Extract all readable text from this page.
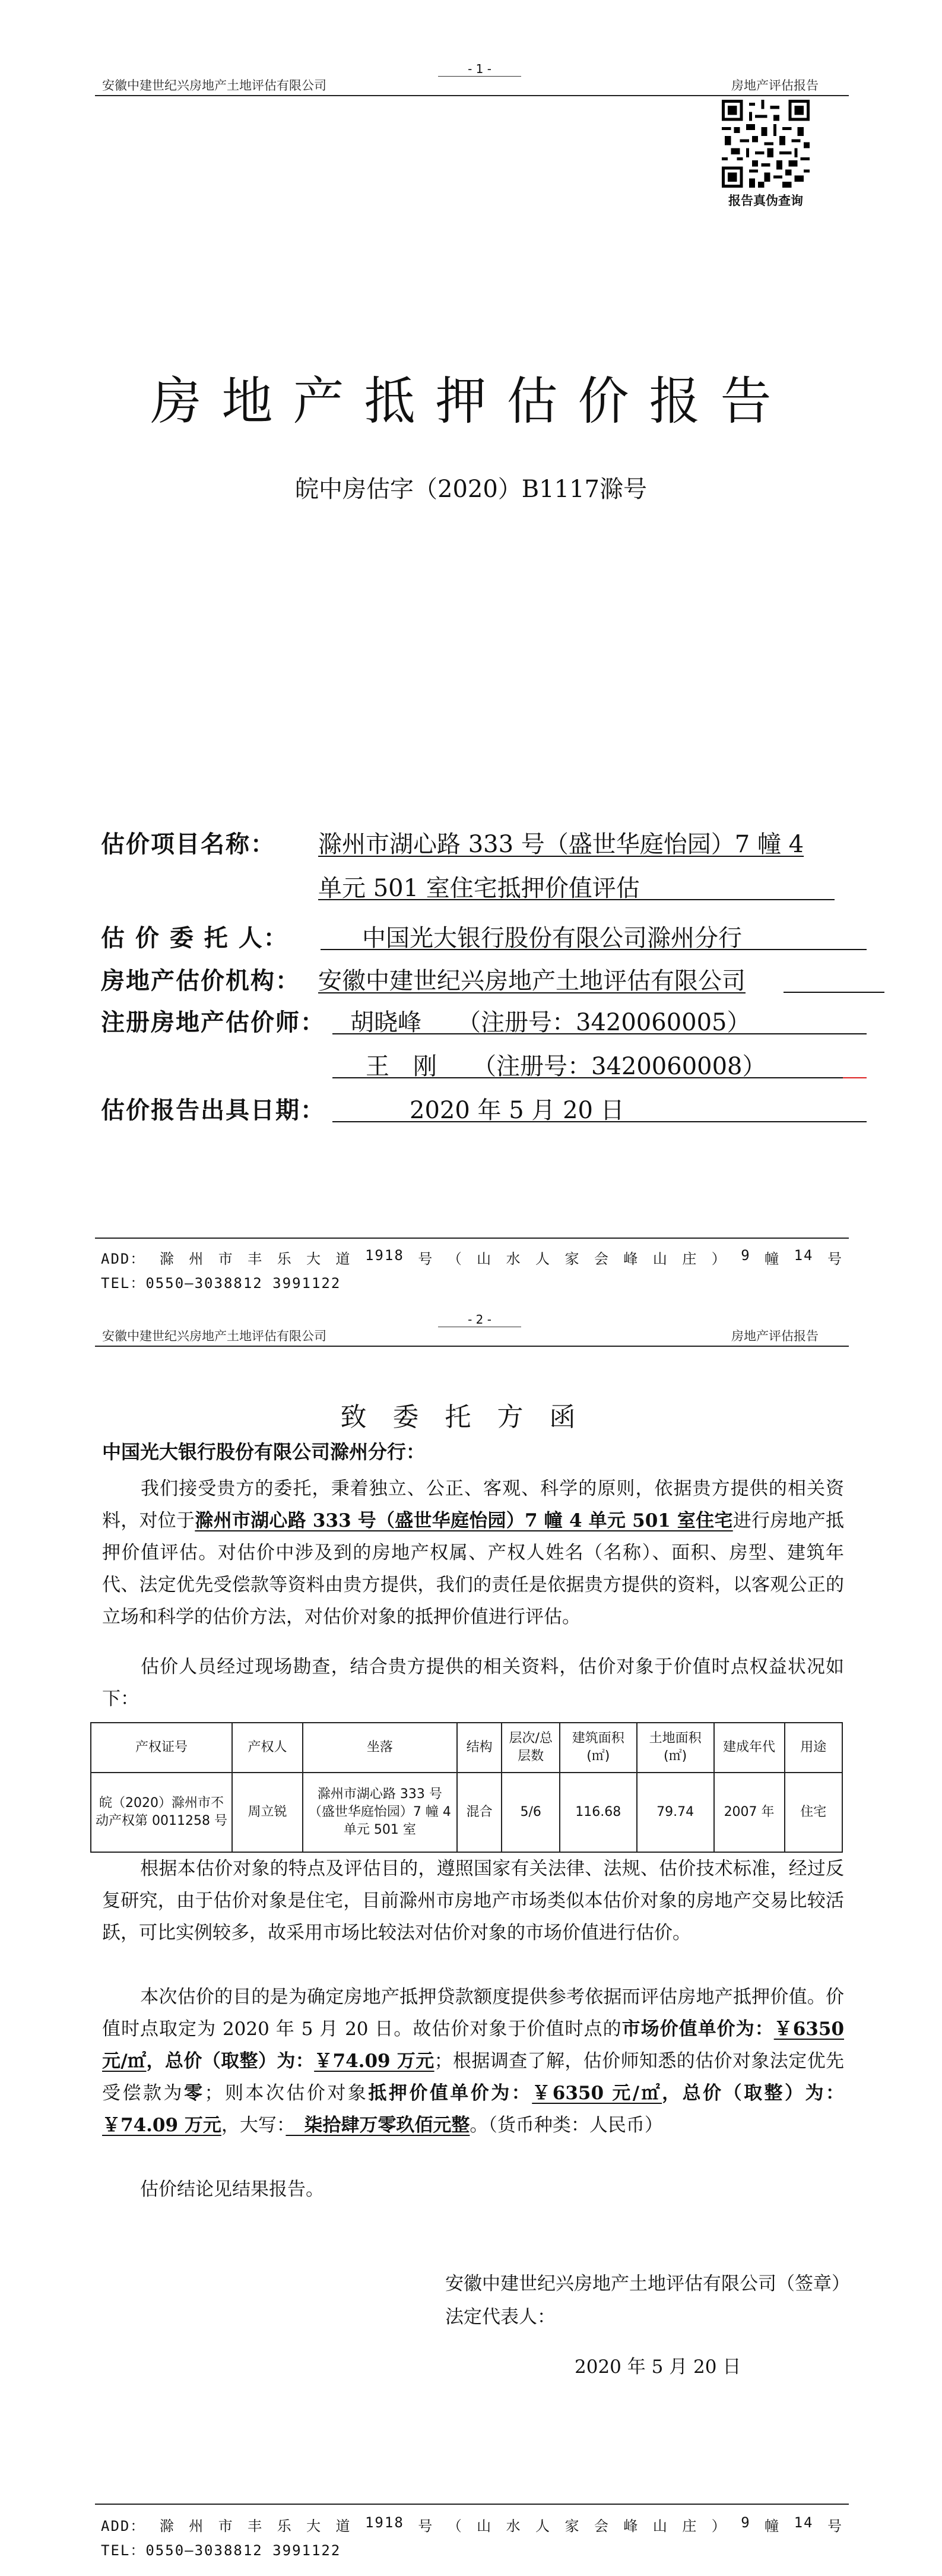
- 1 -
安徽中建世纪兴房地产土地评估有限公司	房地产评估报告
报告真伪查询
房地产抵押估价报告
皖中房估字（2020）B1117滁号
估价项目名称： 滁州市湖心路 333 号（盛世华庭怡园）7 幢 4
单元 501 室住宅抵押价值评估
估 价 委 托 人：	中国光大银行股份有限公司滁州分行
房地产估价机构： 安徽中建世纪兴房地产土地评估有限公司
注册房地产估价师： 胡晓峰　　（注册号：3420060005）
王　刚　　（注册号：3420060008）
估价报告出具日期：	2020 年 5 月 20 日
ADD： 滁 州 市 丰 乐 大 道 1918 号 （ 山 水 人 家 会 峰 山 庄 ） 9 幢 14 号
TEL：0550—3038812 3991122
- 2 -
安徽中建世纪兴房地产土地评估有限公司	房地产评估报告
致委托方函
中国光大银行股份有限公司滁州分行：
我们接受贵方的委托，秉着独立、公正、客观、科学的原则，依据贵方提供的相关资料，对位于滁州市湖心路 333 号（盛世华庭怡园）7 幢 4 单元 501 室住宅进行房地产抵押价值评估。对估价中涉及到的房地产权属、产权人姓名（名称）、面积、房型、建筑年代、法定优先受偿款等资料由贵方提供，我们的责任是依据贵方提供的资料，以客观公正的立场和科学的估价方法，对估价对象的抵押价值进行评估。
估价人员经过现场勘查，结合贵方提供的相关资料，估价对象于价值时点权益状况如下：
产权证号	产权人	坐落	结构	层次/总层数	建筑面积(㎡)	土地面积(㎡)	建成年代	用途
皖（2020）滁州市不动产权第 0011258 号	周立锐	滁州市湖心路 333 号（盛世华庭怡园）7 幢 4 单元 501 室	混合	5/6	116.68	79.74	2007 年	住宅
根据本估价对象的特点及评估目的，遵照国家有关法律、法规、估价技术标准，经过反复研究，由于估价对象是住宅，目前滁州市房地产市场类似本估价对象的房地产交易比较活跃，可比实例较多，故采用市场比较法对估价对象的市场价值进行估价。
本次估价的目的是为确定房地产抵押贷款额度提供参考依据而评估房地产抵押价值。价值时点取定为 2020 年 5 月 20 日。故估价对象于价值时点的市场价值单价为：￥6350 元/㎡，总价（取整）为：￥74.09 万元；根据调查了解，估价师知悉的估价对象法定优先受偿款为零；则本次估价对象抵押价值单价为：￥6350 元/㎡，总价（取整）为：￥74.09 万元，大写：　柒拾肆万零玖佰元整。（货币种类：人民币）
估价结论见结果报告。
安徽中建世纪兴房地产土地评估有限公司（签章）
法定代表人：
2020 年 5 月 20 日
ADD： 滁 州 市 丰 乐 大 道 1918 号 （ 山 水 人 家 会 峰 山 庄 ） 9 幢 14 号
TEL：0550—3038812 3991122
